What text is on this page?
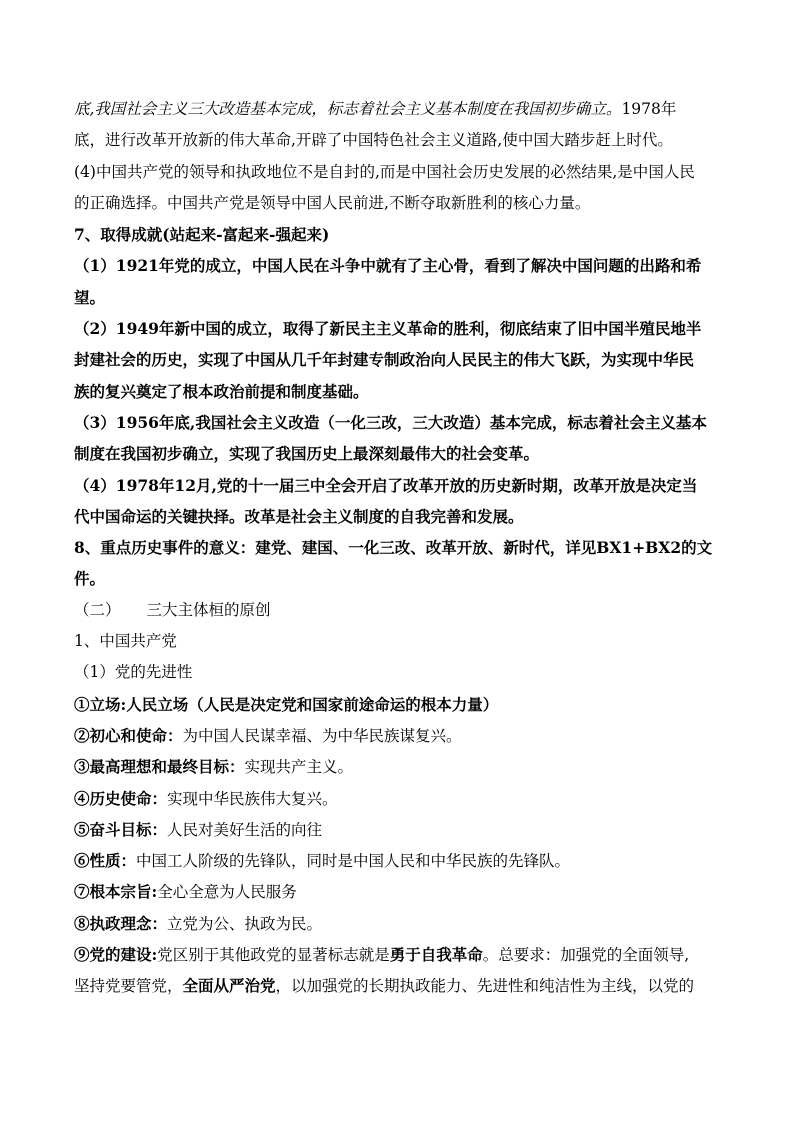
底,我国社会主义三大改造基本完成，标志着社会主义基本制度在我国初步确立。1978年
底，进行改革开放新的伟大革命,开辟了中国特色社会主义道路,使中国大踏步赶上时代。
(4)中国共产党的领导和执政地位不是自封的,而是中国社会历史发展的必然结果,是中国人民
的正确选择。中国共产党是领导中国人民前进,不断夺取新胜利的核心力量。
7、取得成就(站起来-富起来-强起来)
（1）1921年党的成立，中国人民在斗争中就有了主心骨，看到了解决中国问题的出路和希
望。
（2）1949年新中国的成立，取得了新民主主义革命的胜利，彻底结束了旧中国半殖民地半
封建社会的历史，实现了中国从几千年封建专制政治向人民民主的伟大飞跃，为实现中华民
族的复兴奠定了根本政治前提和制度基础。
（3）1956年底,我国社会主义改造（一化三改，三大改造）基本完成，标志着社会主义基本
制度在我国初步确立，实现了我国历史上最深刻最伟大的社会变革。
（4）1978年12月,党的十一届三中全会开启了改革开放的历史新时期，改革开放是决定当
代中国命运的关键抉择。改革是社会主义制度的自我完善和发展。
8、重点历史事件的意义：建党、建国、一化三改、改革开放、新时代，详见BX1+BX2的文
件。
（二） 三大主体桓的原创
1、中国共产党
（1）党的先进性
①立场:人民立场（人民是决定党和国家前途命运的根本力量）
②初心和使命：为中国人民谋幸福、为中华民族谋复兴。
③最高理想和最终目标：实现共产主义。
④历史使命：实现中华民族伟大复兴。
⑤奋斗目标：人民对美好生活的向往
⑥性质：中国工人阶级的先锋队，同时是中国人民和中华民族的先锋队。
⑦根本宗旨:全心全意为人民服务
⑧执政理念：立党为公、执政为民。
⑨党的建设:党区别于其他政党的显著标志就是勇于自我革命。总要求：加强党的全面领导,
坚持党要管党，全面从严治党，以加强党的长期执政能力、先进性和纯洁性为主线，以党的
